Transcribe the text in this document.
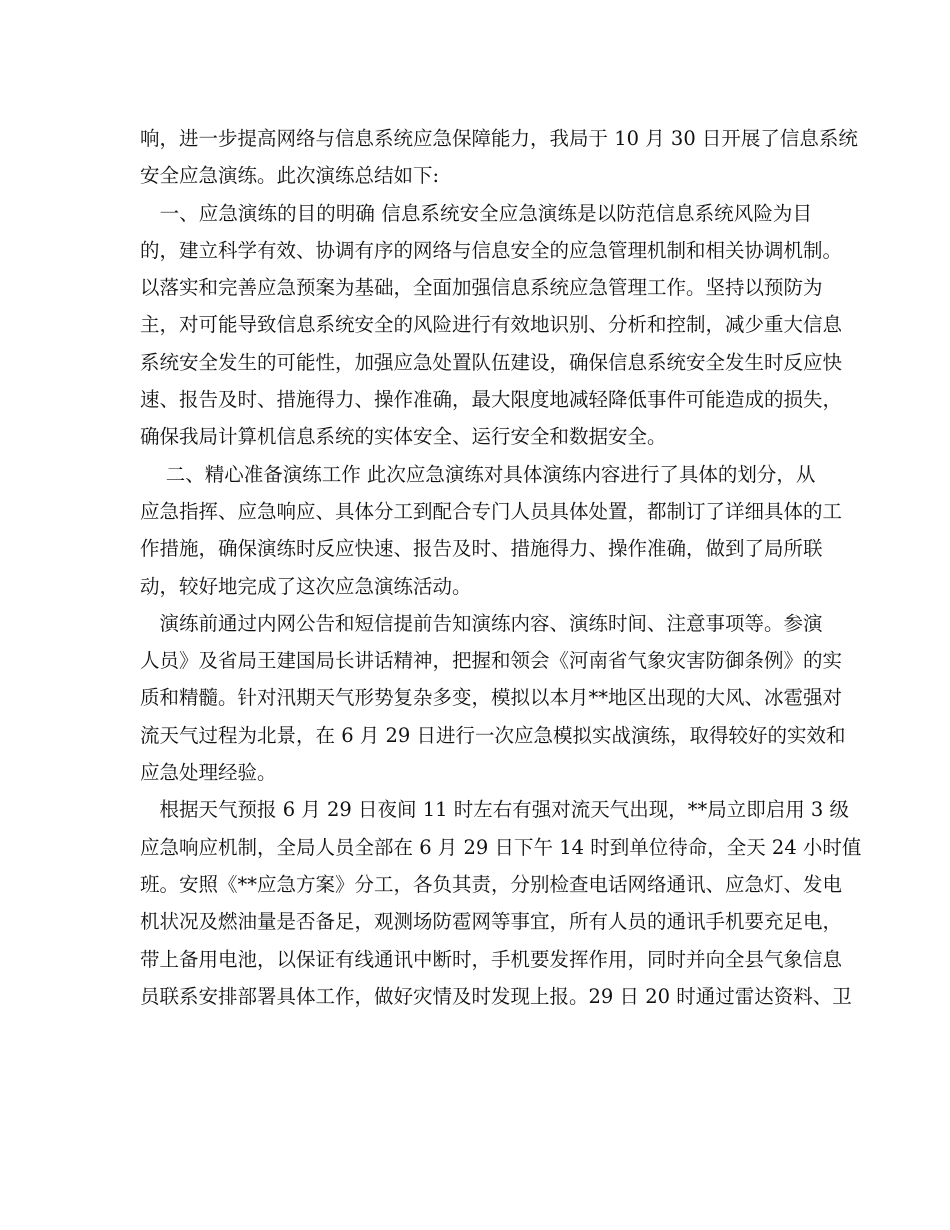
响，进一步提高网络与信息系统应急保障能力，我局于 10 月 30 日开展了信息系统
安全应急演练。此次演练总结如下:
　一、应急演练的目的明确 信息系统安全应急演练是以防范信息系统风险为目
的，建立科学有效、协调有序的网络与信息安全的应急管理机制和相关协调机制。
以落实和完善应急预案为基础，全面加强信息系统应急管理工作。坚持以预防为
主，对可能导致信息系统安全的风险进行有效地识别、分析和控制，减少重大信息
系统安全发生的可能性，加强应急处置队伍建设，确保信息系统安全发生时反应快
速、报告及时、措施得力、操作准确，最大限度地减轻降低事件可能造成的损失，
确保我局计算机信息系统的实体安全、运行安全和数据安全。
　 二、精心准备演练工作 此次应急演练对具体演练内容进行了具体的划分，从
应急指挥、应急响应、具体分工到配合专门人员具体处置，都制订了详细具体的工
作措施，确保演练时反应快速、报告及时、措施得力、操作准确，做到了局所联
动，较好地完成了这次应急演练活动。
　演练前通过内网公告和短信提前告知演练内容、演练时间、注意事项等。参演
人员》及省局王建国局长讲话精神，把握和领会《河南省气象灾害防御条例》的实
质和精髓。针对汛期天气形势复杂多变，模拟以本月**地区出现的大风、冰雹强对
流天气过程为北景，在 6 月 29 日进行一次应急模拟实战演练，取得较好的实效和
应急处理经验。
　根据天气预报 6 月 29 日夜间 11 时左右有强对流天气出现，**局立即启用 3 级
应急响应机制，全局人员全部在 6 月 29 日下午 14 时到单位待命，全天 24 小时值
班。安照《**应急方案》分工，各负其责，分别检查电话网络通讯、应急灯、发电
机状况及燃油量是否备足，观测场防雹网等事宜，所有人员的通讯手机要充足电，
带上备用电池，以保证有线通讯中断时，手机要发挥作用，同时并向全县气象信息
员联系安排部署具体工作，做好灾情及时发现上报。29 日 20 时通过雷达资料、卫
